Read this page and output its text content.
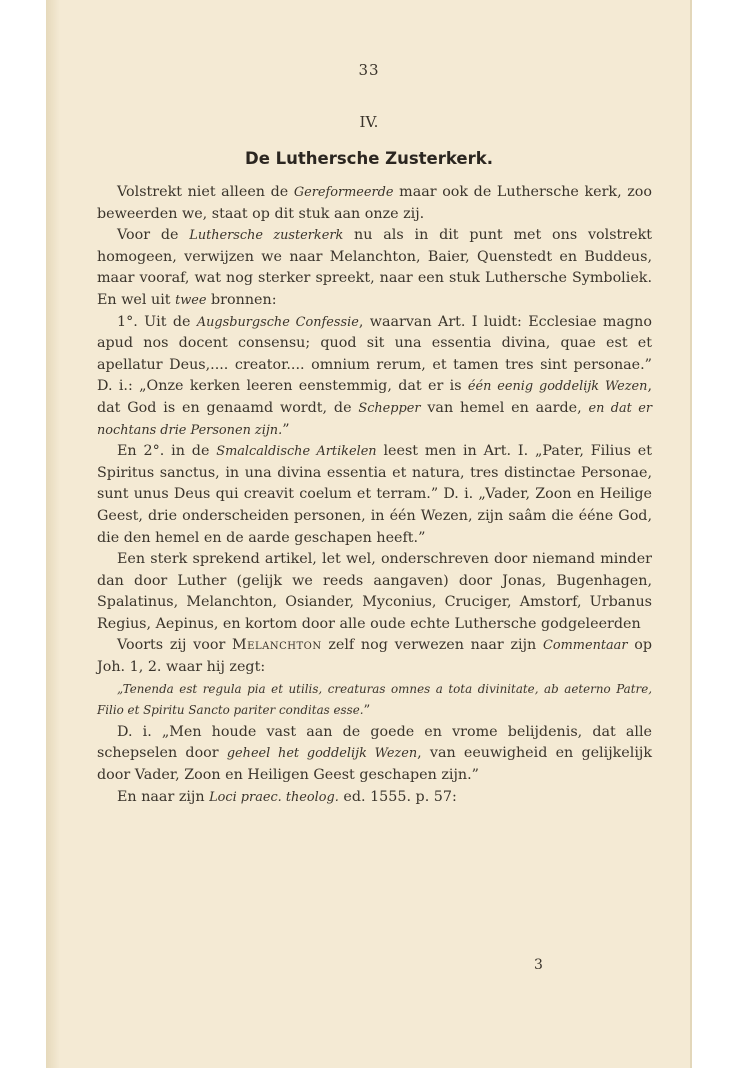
33
IV.
De Luthersche Zusterkerk.

Volstrekt niet alleen de Gereformeerde maar ook de Luthersche kerk, zoo beweerden we, staat op dit stuk aan onze zij.

Voor de Luthersche zusterkerk nu als in dit punt met ons volstrekt homogeen, verwijzen we naar Melanchton, Baier, Quenstedt en Buddeus, maar vooraf, wat nog sterker spreekt, naar een stuk Luthersche Symboliek. En wel uit twee bronnen:

1°. Uit de Augsburgsche Confessie, waarvan Art. I luidt: Ecclesiae magno apud nos docent consensu; quod sit una essentia divina, quae est et apellatur Deus,.... creator.... omnium rerum, et tamen tres sint personae.” D. i.: „Onze kerken leeren eenstemmig, dat er is één eenig goddelijk Wezen, dat God is en genaamd wordt, de Schepper van hemel en aarde, en dat er nochtans drie Personen zijn.”

En 2°. in de Smalcaldische Artikelen leest men in Art. I. „Pater, Filius et Spiritus sanctus, in una divina essentia et natura, tres distinctae Personae, sunt unus Deus qui creavit coelum et terram.” D. i. „Vader, Zoon en Heilige Geest, drie onderscheiden personen, in één Wezen, zijn saâm die ééne God, die den hemel en de aarde geschapen heeft.”

Een sterk sprekend artikel, let wel, onderschreven door niemand minder dan door Luther (gelijk we reeds aangaven) door Jonas, Bugenhagen, Spalatinus, Melanchton, Osiander, Myconius, Cruciger, Amstorf, Urbanus Regius, Aepinus, en kortom door alle oude echte Luthersche godgeleerden

Voorts zij voor Melanchton zelf nog verwezen naar zijn Commentaar op Joh. 1, 2. waar hij zegt:

„Tenenda est regula pia et utilis, creaturas omnes a tota divinitate, ab aeterno Patre, Filio et Spiritu Sancto pariter conditas esse.”

D. i. „Men houde vast aan de goede en vrome belijdenis, dat alle schepselen door geheel het goddelijk Wezen, van eeuwigheid en gelijkelijk door Vader, Zoon en Heiligen Geest geschapen zijn.”

En naar zijn Loci praec. theolog. ed. 1555. p. 57:

3
